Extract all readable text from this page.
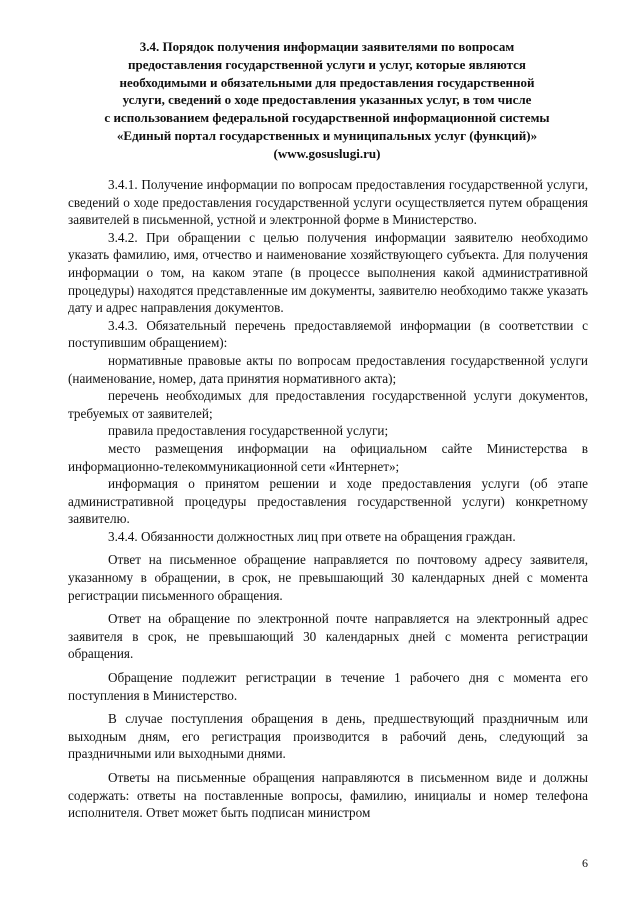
3.4. Порядок получения информации заявителями по вопросам
предоставления государственной услуги и услуг, которые являются
необходимыми и обязательными для предоставления государственной
услуги, сведений о ходе предоставления указанных услуг, в том числе
с использованием федеральной государственной информационной системы
«Единый портал государственных и муниципальных услуг (функций)»
(www.gosuslugi.ru)

3.4.1. Получение информации по вопросам предоставления государственной услуги, сведений о ходе предоставления государственной услуги осуществляется путем обращения заявителей в письменной, устной и электронной форме в Министерство.

3.4.2. При обращении с целью получения информации заявителю необходимо указать фамилию, имя, отчество и наименование хозяйствующего субъекта. Для получения информации о том, на каком этапе (в процессе выполнения какой административной процедуры) находятся представленные им документы, заявителю необходимо также указать дату и адрес направления документов.

3.4.3. Обязательный перечень предоставляемой информации (в соответствии с поступившим обращением):

нормативные правовые акты по вопросам предоставления государственной услуги (наименование, номер, дата принятия нормативного акта);

перечень необходимых для предоставления государственной услуги документов, требуемых от заявителей;

правила предоставления государственной услуги;

место размещения информации на официальном сайте Министерства в информационно-телекоммуникационной сети «Интернет»;

информация о принятом решении и ходе предоставления услуги (об этапе административной процедуры предоставления государственной услуги) конкретному заявителю.

3.4.4. Обязанности должностных лиц при ответе на обращения граждан.

Ответ на письменное обращение направляется по почтовому адресу заявителя, указанному в обращении, в срок, не превышающий 30 календарных дней с момента регистрации письменного обращения.

Ответ на обращение по электронной почте направляется на электронный адрес заявителя в срок, не превышающий 30 календарных дней с момента регистрации обращения.

Обращение подлежит регистрации в течение 1 рабочего дня с момента его поступления в Министерство.

В случае поступления обращения в день, предшествующий праздничным или выходным дням, его регистрация производится в рабочий день, следующий за праздничными или выходными днями.

Ответы на письменные обращения направляются в письменном виде и должны содержать: ответы на поставленные вопросы, фамилию, инициалы и номер телефона исполнителя. Ответ может быть подписан министром

6
